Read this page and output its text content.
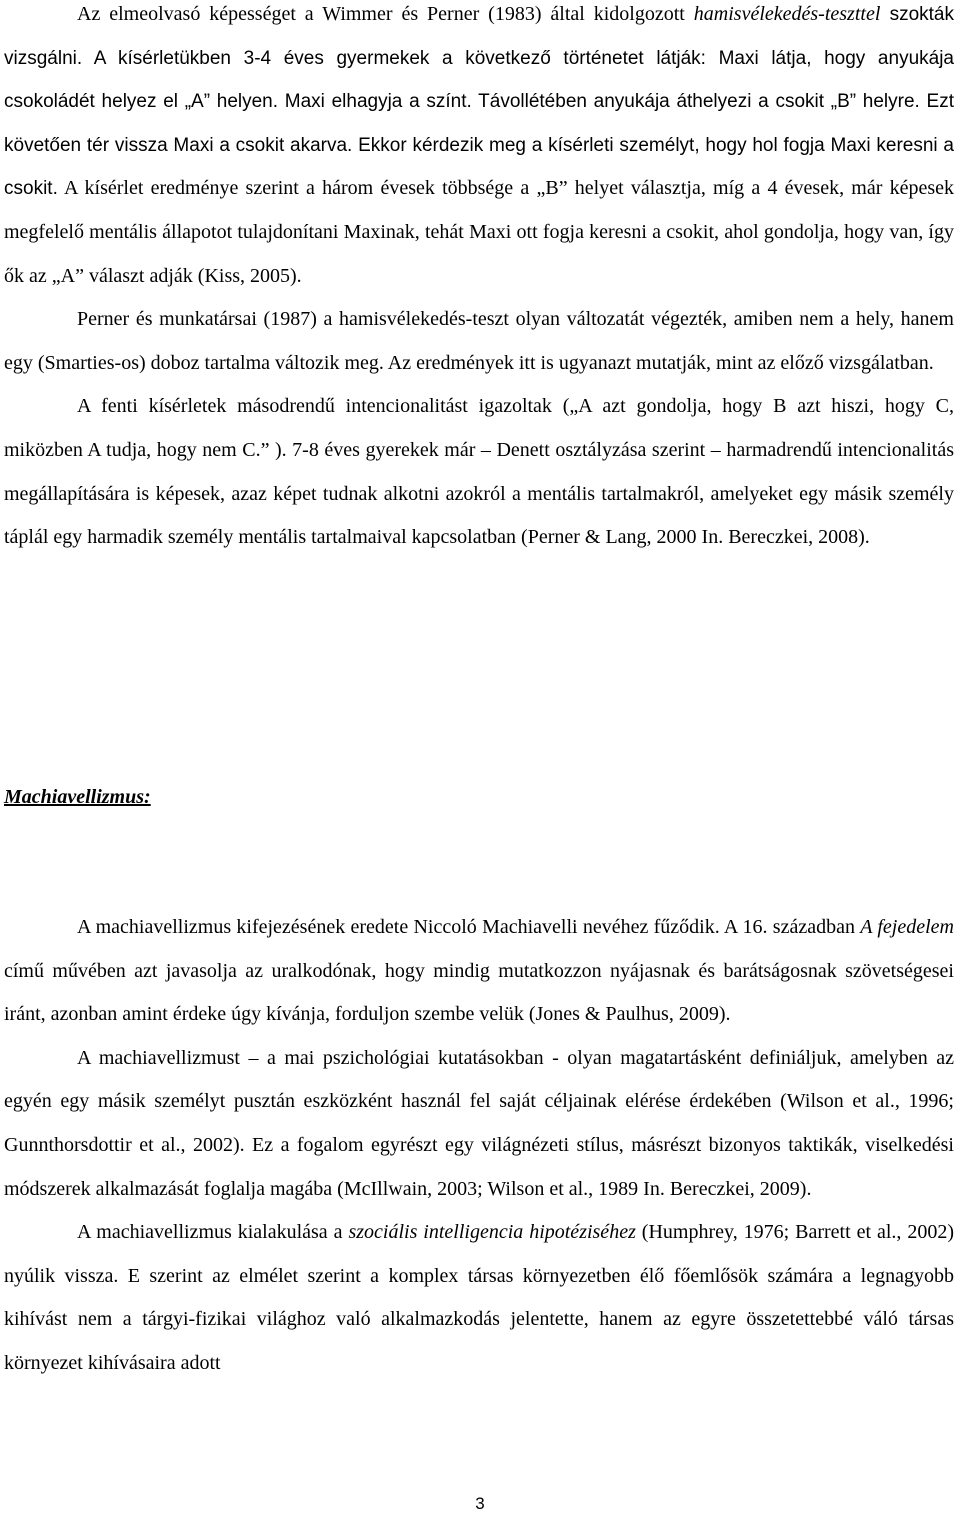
Az elmeolvasó képességet a Wimmer és Perner (1983) által kidolgozott hamisvélekedés-teszttel szokták vizsgálni. A kísérletükben 3-4 éves gyermekek a következő történetet látják: Maxi látja, hogy anyukája csokoládét helyez el „A” helyen. Maxi elhagyja a színt. Távollétében anyukája áthelyezi a csokit „B” helyre. Ezt követően tér vissza Maxi a csokit akarva. Ekkor kérdezik meg a kísérleti személyt, hogy hol fogja Maxi keresni a csokit. A kísérlet eredménye szerint a három évesek többsége a „B” helyet választja, míg a 4 évesek, már képesek megfelelő mentális állapotot tulajdonítani Maxinak, tehát Maxi ott fogja keresni a csokit, ahol gondolja, hogy van, így ők az „A” választ adják (Kiss, 2005).

Perner és munkatársai (1987) a hamisvélekedés-teszt olyan változatát végezték, amiben nem a hely, hanem egy (Smarties-os) doboz tartalma változik meg. Az eredmények itt is ugyanazt mutatják, mint az előző vizsgálatban.

A fenti kísérletek másodrendű intencionalitást igazoltak („A azt gondolja, hogy B azt hiszi, hogy C, miközben A tudja, hogy nem C.” ). 7-8 éves gyerekek már – Denett osztályzása szerint – harmadrendű intencionalitás megállapítására is képesek, azaz képet tudnak alkotni azokról a mentális tartalmakról, amelyeket egy másik személy táplál egy harmadik személy mentális tartalmaival kapcsolatban (Perner & Lang, 2000 In. Bereczkei, 2008).

Machiavellizmus:

A machiavellizmus kifejezésének eredete Niccoló Machiavelli nevéhez fűződik. A 16. században A fejedelem című művében azt javasolja az uralkodónak, hogy mindig mutatkozzon nyájasnak és barátságosnak szövetségesei iránt, azonban amint érdeke úgy kívánja, forduljon szembe velük (Jones & Paulhus, 2009).

A machiavellizmust – a mai pszichológiai kutatásokban - olyan magatartásként definiáljuk, amelyben az egyén egy másik személyt pusztán eszközként használ fel saját céljainak elérése érdekében (Wilson et al., 1996; Gunnthorsdottir et al., 2002). Ez a fogalom egyrészt egy világnézeti stílus, másrészt bizonyos taktikák, viselkedési módszerek alkalmazását foglalja magába (McIllwain, 2003; Wilson et al., 1989 In. Bereczkei, 2009).

A machiavellizmus kialakulása a szociális intelligencia hipotéziséhez (Humphrey, 1976; Barrett et al., 2002) nyúlik vissza. E szerint az elmélet szerint a komplex társas környezetben élő főemlősök számára a legnagyobb kihívást nem a tárgyi-fizikai világhoz való alkalmazkodás jelentette, hanem az egyre összetettebbé váló társas környezet kihívásaira adott

3
